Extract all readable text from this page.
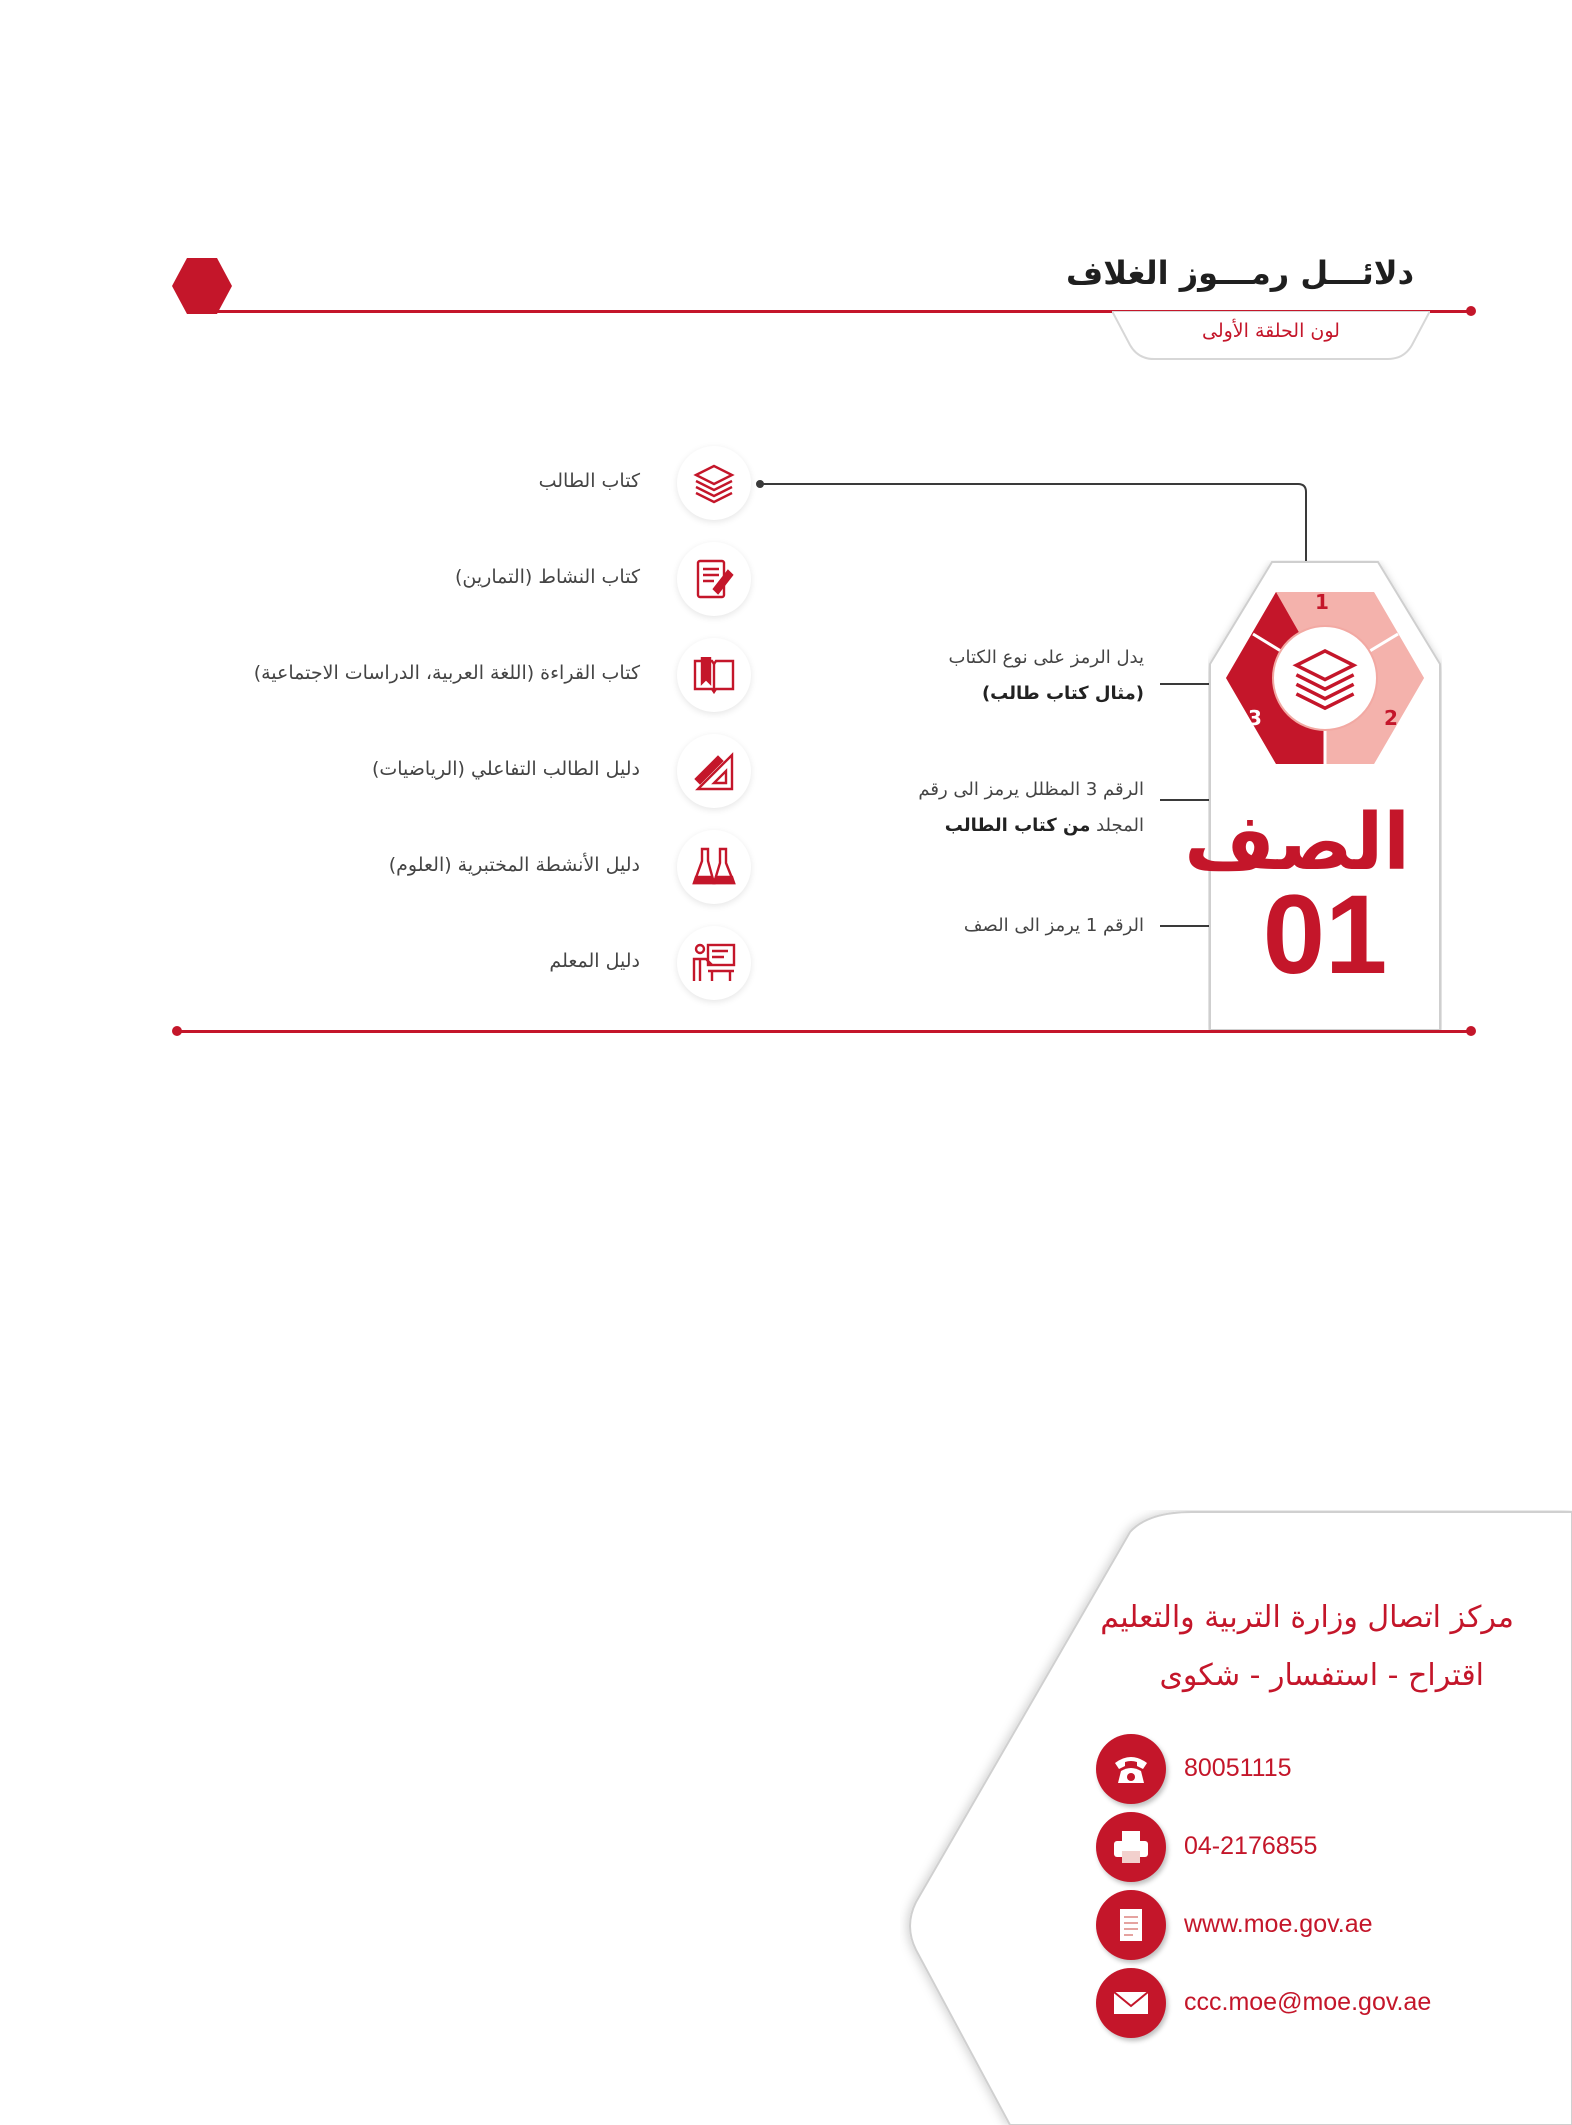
دلائـــل رمـــوز الغلاف
لون الحلقة الأولى
كتاب الطالب
كتاب النشاط (التمارين)
كتاب القراءة (اللغة العربية، الدراسات الاجتماعية)
دليل الطالب التفاعلي (الرياضيات)
دليل الأنشطة المختبرية (العلوم)
دليل المعلم
1
2
3
الصف
01
يدل الرمز على نوع الكتاب
(مثال كتاب طالب)
الرقم 3 المظلل يرمز الى رقم
المجلد من كتاب الطالب
الرقم 1 يرمز الى الصف
مركز اتصال وزارة التربية والتعليم
اقتراح - استفسار - شكوى
80051115
04-2176855
www.moe.gov.ae
ccc.moe@moe.gov.ae
